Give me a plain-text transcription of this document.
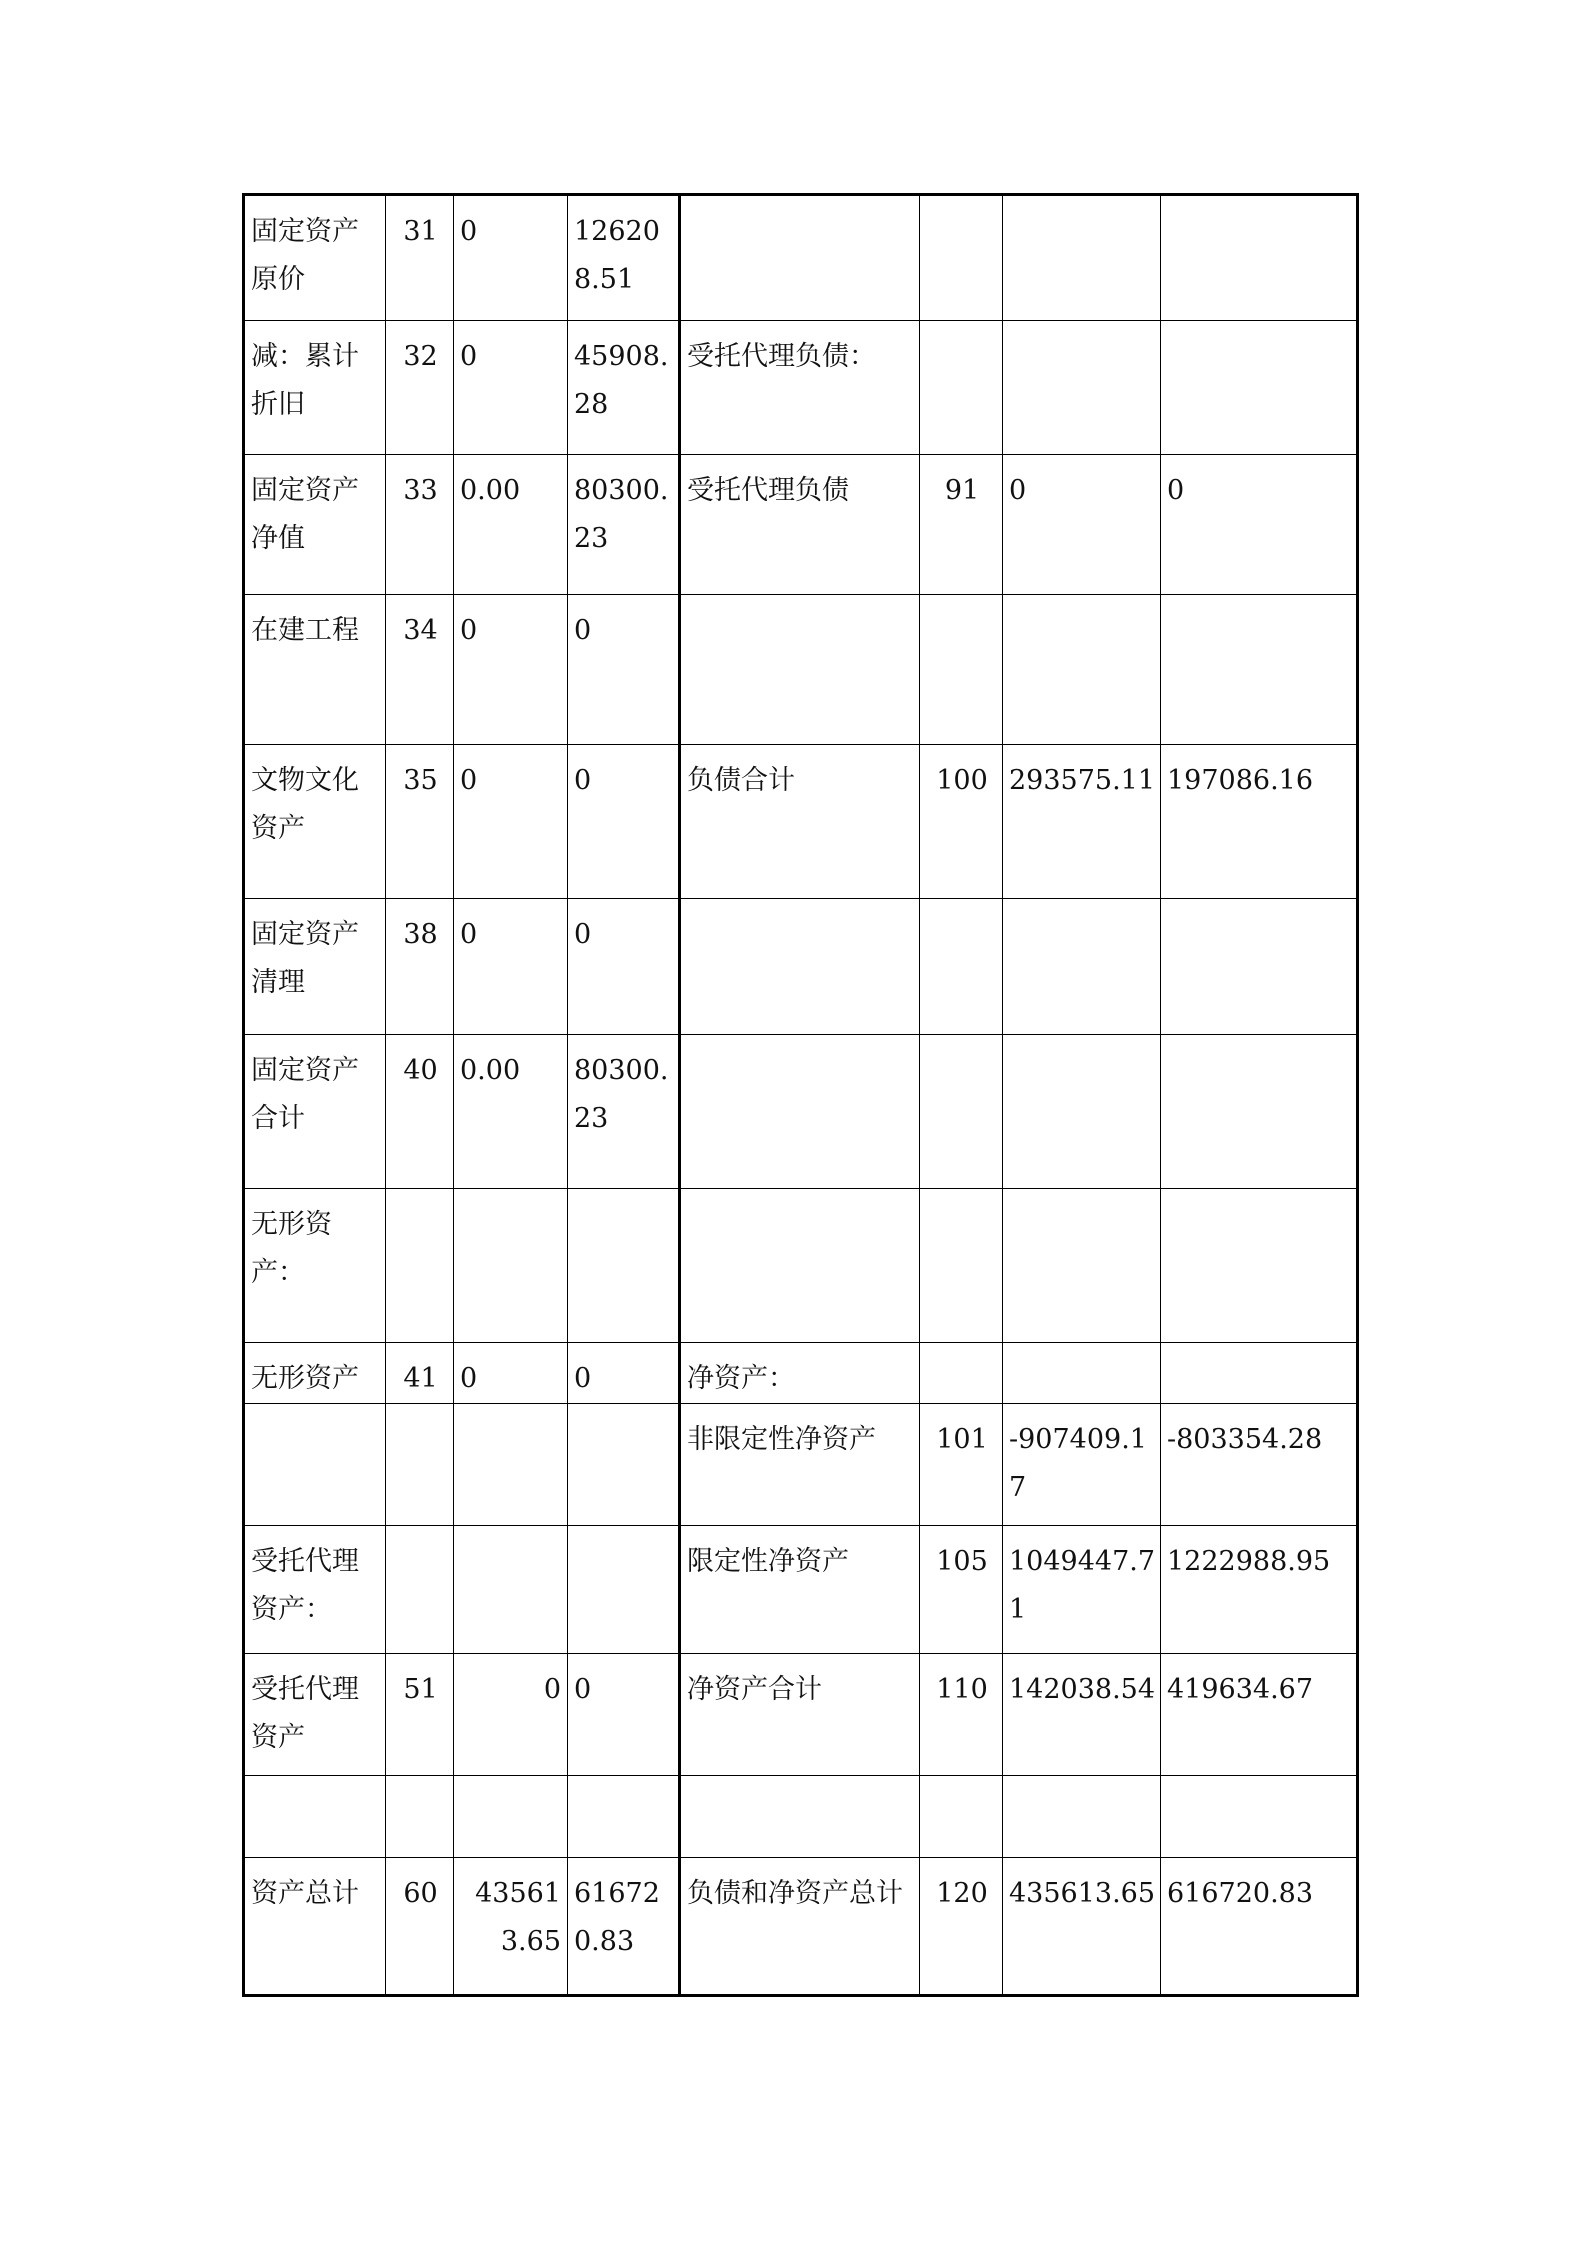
固定资产原价	31	0	126208.51				
减：累计折旧	32	0	45908.28	受托代理负债：			
固定资产净值	33	0.00	80300.23	受托代理负债	91	0	0
在建工程	34	0	0				
文物文化资产	35	0	0	负债合计	100	293575.11	197086.16
固定资产清理	38	0	0				
固定资产合计	40	0.00	80300.23				
无形资产：							
无形资产	41	0	0	净资产：			
				非限定性净资产	101	-907409.17	-803354.28
受托代理资产：				限定性净资产	105	1049447.71	1222988.95
受托代理资产	51	0	0	净资产合计	110	142038.54	419634.67

资产总计	60	435613.65	616720.83	负债和净资产总计	120	435613.65	616720.83
